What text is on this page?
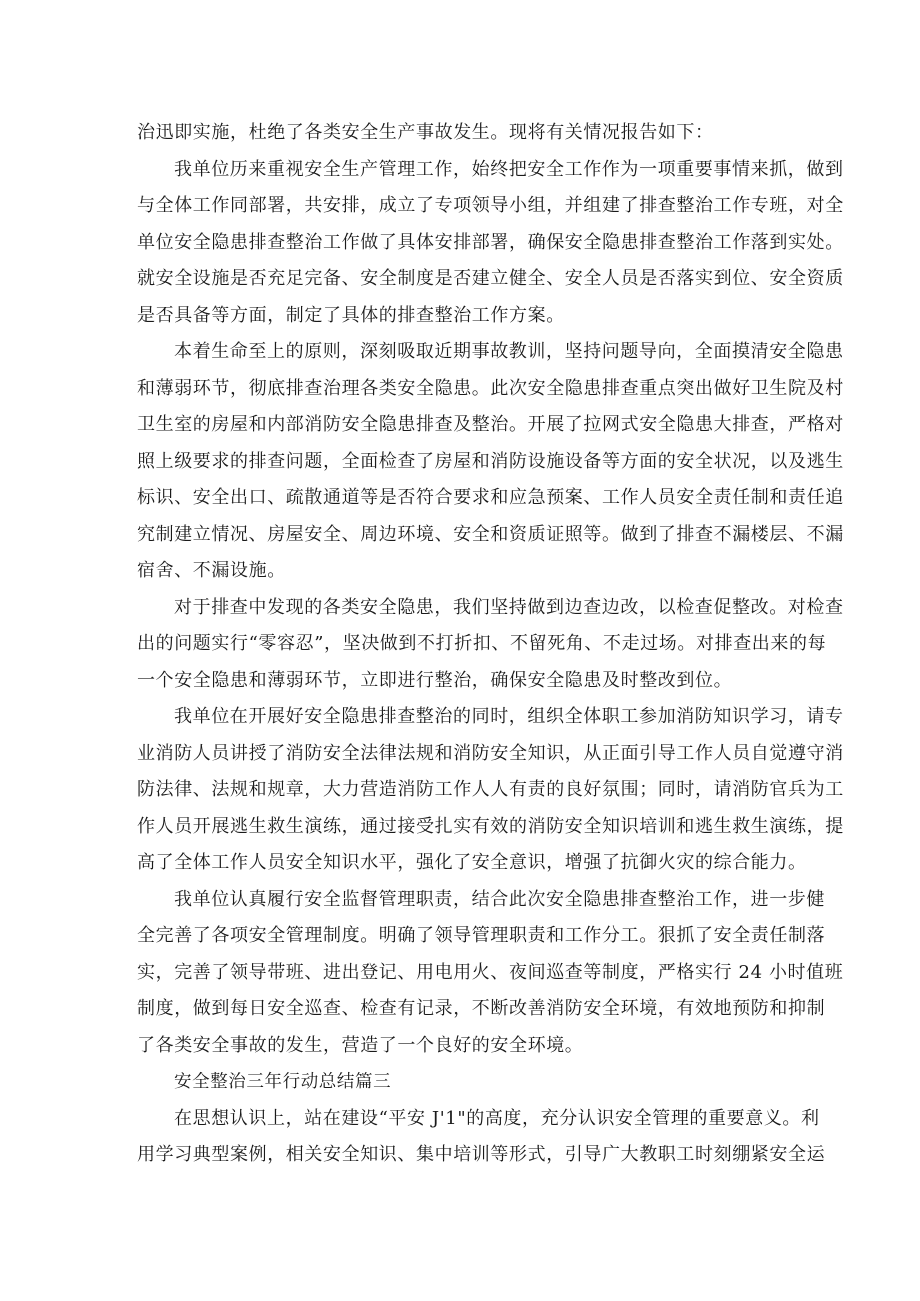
治迅即实施，杜绝了各类安全生产事故发生。现将有关情况报告如下：
我单位历来重视安全生产管理工作，始终把安全工作作为一项重要事情来抓，做到
与全体工作同部署，共安排，成立了专项领导小组，并组建了排查整治工作专班，对全
单位安全隐患排查整治工作做了具体安排部署，确保安全隐患排查整治工作落到实处。
就安全设施是否充足完备、安全制度是否建立健全、安全人员是否落实到位、安全资质
是否具备等方面，制定了具体的排查整治工作方案。
本着生命至上的原则，深刻吸取近期事故教训，坚持问题导向，全面摸清安全隐患
和薄弱环节，彻底排查治理各类安全隐患。此次安全隐患排查重点突出做好卫生院及村
卫生室的房屋和内部消防安全隐患排查及整治。开展了拉网式安全隐患大排查，严格对
照上级要求的排查问题，全面检查了房屋和消防设施设备等方面的安全状况，以及逃生
标识、安全出口、疏散通道等是否符合要求和应急预案、工作人员安全责任制和责任追
究制建立情况、房屋安全、周边环境、安全和资质证照等。做到了排查不漏楼层、不漏
宿舍、不漏设施。
对于排查中发现的各类安全隐患，我们坚持做到边查边改，以检查促整改。对检查
出的问题实行“零容忍”，坚决做到不打折扣、不留死角、不走过场。对排查出来的每
一个安全隐患和薄弱环节，立即进行整治，确保安全隐患及时整改到位。
我单位在开展好安全隐患排查整治的同时，组织全体职工参加消防知识学习，请专
业消防人员讲授了消防安全法律法规和消防安全知识，从正面引导工作人员自觉遵守消
防法律、法规和规章，大力营造消防工作人人有责的良好氛围；同时，请消防官兵为工
作人员开展逃生救生演练，通过接受扎实有效的消防安全知识培训和逃生救生演练，提
高了全体工作人员安全知识水平，强化了安全意识，增强了抗御火灾的综合能力。
我单位认真履行安全监督管理职责，结合此次安全隐患排查整治工作，进一步健
全完善了各项安全管理制度。明确了领导管理职责和工作分工。狠抓了安全责任制落
实，完善了领导带班、进出登记、用电用火、夜间巡查等制度，严格实行 24 小时值班
制度，做到每日安全巡查、检查有记录，不断改善消防安全环境，有效地预防和抑制
了各类安全事故的发生，营造了一个良好的安全环境。
安全整治三年行动总结篇三
在思想认识上，站在建设“平安 J'1"的高度，充分认识安全管理的重要意义。利
用学习典型案例，相关安全知识、集中培训等形式，引导广大教职工时刻绷紧安全运
